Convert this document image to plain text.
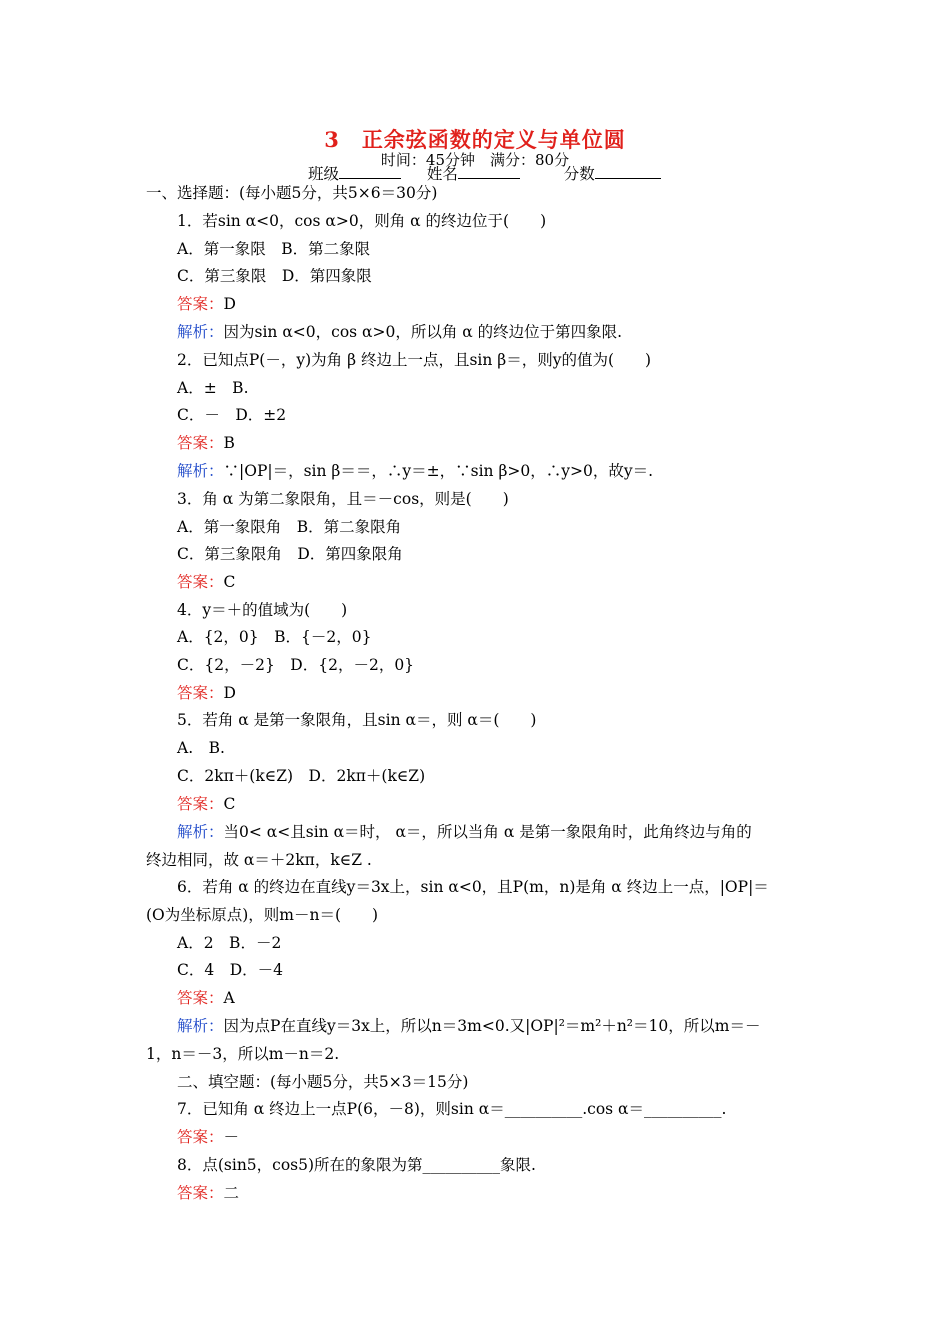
3 正余弦函数的定义与单位圆
时间：45分钟　满分：80分
班级	姓名	分数
一、选择题：(每小题5分，共5×6＝30分)
1．若sin α<0，cos α>0，则角 α 的终边位于(　　)
A．第一象限　B．第二象限
C．第三象限　D．第四象限
答案：D
解析：因为sin α<0，cos α>0，所以角 α 的终边位于第四象限.
2．已知点P(－，y)为角 β 终边上一点，且sin β＝，则y的值为(　　)
A．±　B.
C．－　D．±2
答案：B
解析：∵|OP|＝，sin β＝＝，∴y＝±，∵sin β>0，∴y>0，故y＝.
3．角 α 为第二象限角，且＝－cos，则是(　　)
A．第一象限角　B．第二象限角
C．第三象限角　D．第四象限角
答案：C
4．y＝＋的值域为(　　)
A．{2，0}　B．{－2，0}
C．{2，－2}　D．{2，－2，0}
答案：D
5．若角 α 是第一象限角，且sin α＝，则 α＝(　　)
A.　B.
C．2kπ＋(k∈Z)　D．2kπ＋(k∈Z)
答案：C
解析：当0< α<且sin α＝时， α＝，所以当角 α 是第一象限角时，此角终边与角的
终边相同，故 α＝＋2kπ，k∈Z .
6．若角 α 的终边在直线y＝3x上，sin α<0，且P(m，n)是角 α 终边上一点，|OP|＝
(O为坐标原点)，则m－n＝(　　)
A．2　B．－2
C．4　D．－4
答案：A
解析：因为点P在直线y＝3x上，所以n＝3m<0.又|OP|²＝m²＋n²＝10，所以m＝－
1，n＝－3，所以m－n＝2.
二、填空题：(每小题5分，共5×3＝15分)
7．已知角 α 终边上一点P(6，－8)，则sin α＝__________.cos α＝__________.
答案：－
8．点(sin5，cos5)所在的象限为第__________象限.
答案：二
